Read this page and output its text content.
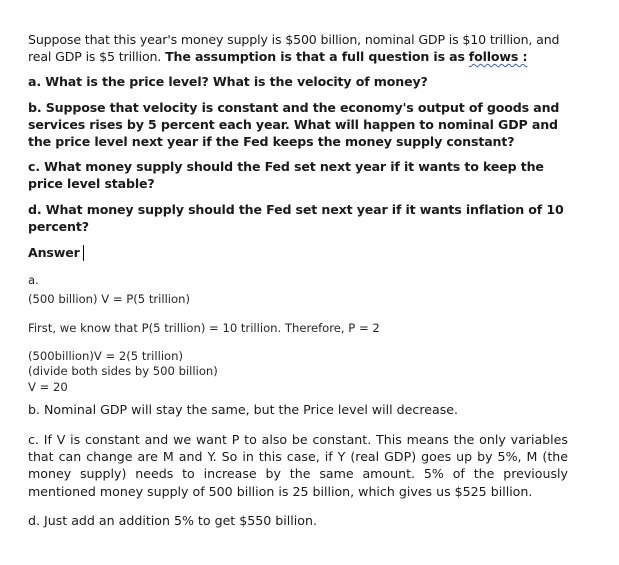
Suppose that this year's money supply is $500 billion, nominal GDP is $10 trillion, and real GDP is $5 trillion. The assumption is that a full question is as follows :

a. What is the price level? What is the velocity of money?

b. Suppose that velocity is constant and the economy's output of goods and services rises by 5 percent each year. What will happen to nominal GDP and the price level next year if the Fed keeps the money supply constant?

c. What money supply should the Fed set next year if it wants to keep the price level stable?

d. What money supply should the Fed set next year if it wants inflation of 10 percent?

Answer

a.

(500 billion) V = P(5 trillion)

First, we know that P(5 trillion) = 10 trillion. Therefore, P = 2

(500billion)V = 2(5 trillion)

(divide both sides by 500 billion)

V = 20

b. Nominal GDP will stay the same, but the Price level will decrease.

c. If V is constant and we want P to also be constant. This means the only variables that can change are M and Y. So in this case, if Y (real GDP) goes up by 5%, M (the money supply) needs to increase by the same amount. 5% of the previously mentioned money supply of 500 billion is 25 billion, which gives us $525 billion.

d. Just add an addition 5% to get $550 billion.
